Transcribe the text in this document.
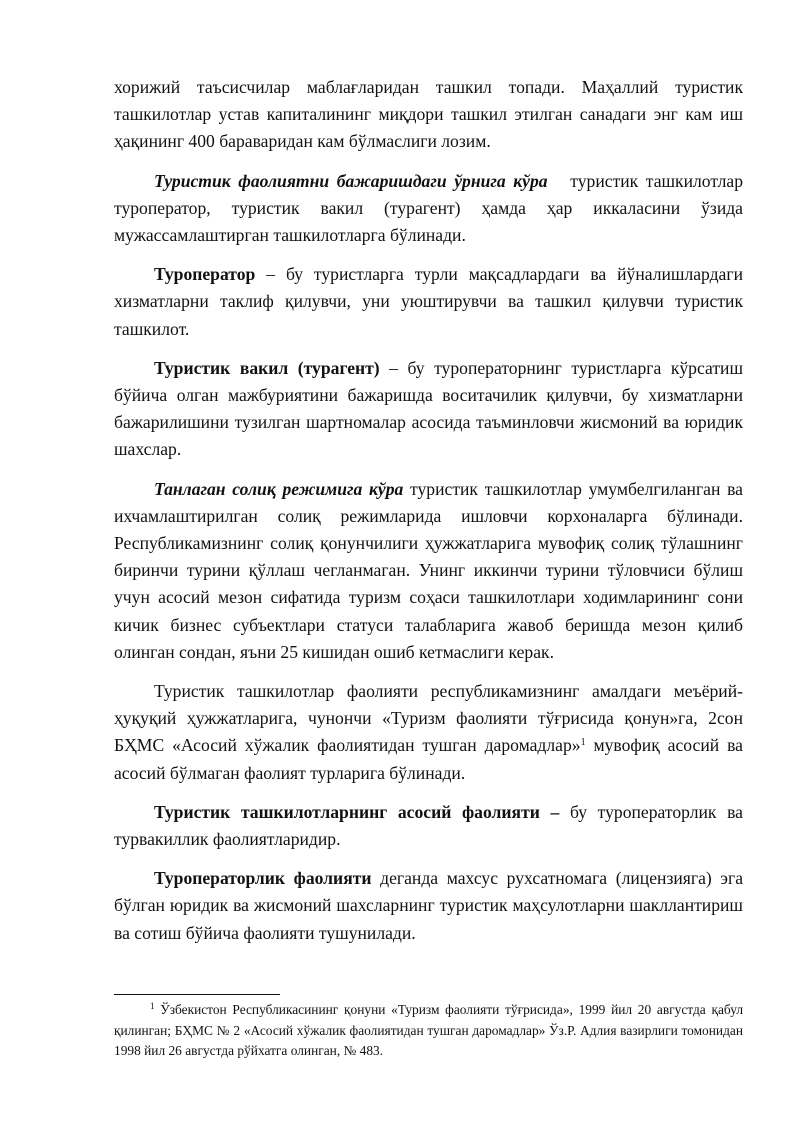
хорижий таъсисчилар маблағларидан ташкил топади. Маҳаллий туристик ташкилотлар устав капиталининг миқдори ташкил этилган санадаги энг кам иш ҳақининг 400 бараваридан кам бўлмаслиги лозим.

Туристик фаолиятни бажаришдаги ўрнига кўра туристик ташкилотлар туроператор, туристик вакил (турагент) ҳамда ҳар иккаласини ўзида мужассамлаштирган ташкилотларга бўлинади.

Туроператор – бу туристларга турли мақсадлардаги ва йўналишлардаги хизматларни таклиф қилувчи, уни уюштирувчи ва ташкил қилувчи туристик ташкилот.

Туристик вакил (турагент) – бу туроператорнинг туристларга кўрсатиш бўйича олган мажбуриятини бажаришда воситачилик қилувчи, бу хизматларни бажарилишини тузилган шартномалар асосида таъминловчи жисмоний ва юридик шахслар.

Танлаган солиқ режимига кўра туристик ташкилотлар умумбелгиланган ва ихчамлаштирилган солиқ режимларида ишловчи корхоналарга бўлинади. Республикамизнинг солиқ қонунчилиги ҳужжатларига мувофиқ солиқ тўлашнинг биринчи турини қўллаш чегланмаган. Унинг иккинчи турини тўловчиси бўлиш учун асосий мезон сифатида туризм соҳаси ташкилотлари ходимларининг сони кичик бизнес субъектлари статуси талабларига жавоб беришда мезон қилиб олинган сондан, яъни 25 кишидан ошиб кетмаслиги керак.

Туристик ташкилотлар фаолияти республикамизнинг амалдаги меъёрий-ҳуқуқий ҳужжатларига, чунончи «Туризм фаолияти тўғрисида қонун»га, 2сон БҲМС «Асосий хўжалик фаолиятидан тушган даромадлар»$^1$ мувофиқ асосий ва асосий бўлмаган фаолият турларига бўлинади.

Туристик ташкилотларнинг асосий фаолияти – бу туроператорлик ва турвакиллик фаолиятларидир.

Туроператорлик фаолияти деганда махсус рухсатномага (лицензияга) эга бўлган юридик ва жисмоний шахсларнинг туристик маҳсулотларни шакллантириш ва сотиш бўйича фаолияти тушунилади.

$^1$ Ўзбекистон Республикасининг қонуни «Туризм фаолияти тўғрисида», 1999 йил 20 августда қабул қилинган; БҲМС № 2 «Асосий хўжалик фаолиятидан тушган даромадлар» Ўз.Р. Адлия вазирлиги томонидан 1998 йил 26 августда рўйхатга олинган, № 483.
